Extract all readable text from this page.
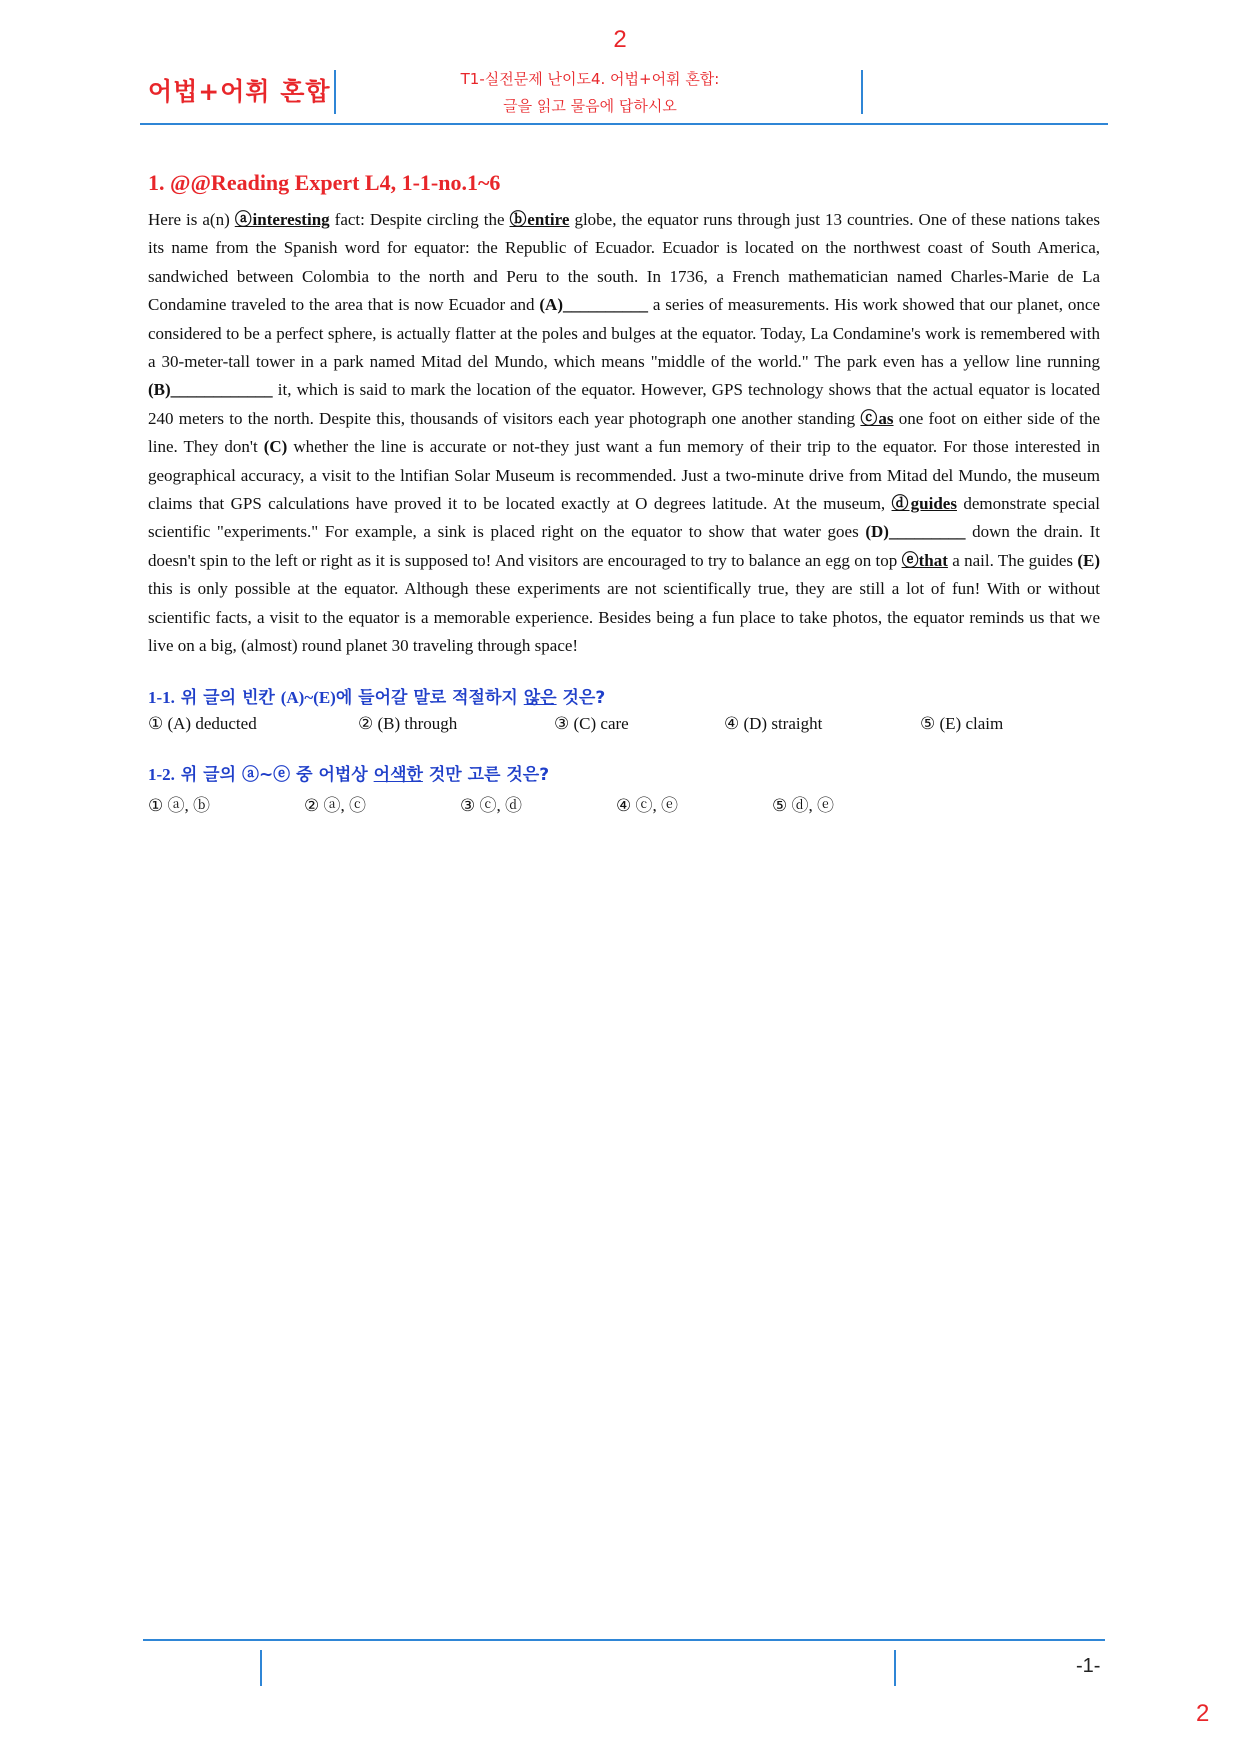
2
어법+어휘 혼합	T1-실전문제 난이도4. 어법+어휘 혼합:
글을 읽고 물음에 답하시오
1. @@Reading Expert L4, 1-1-no.1~6

Here is a(n) ⓐinteresting fact: Despite circling the ⓑentire globe, the equator runs through just 13 countries. One of these nations takes its name from the Spanish word for equator: the Republic of Ecuador. Ecuador is located on the northwest coast of South America, sandwiched between Colombia to the north and Peru to the south. In 1736, a French mathematician named Charles-Marie de La Condamine traveled to the area that is now Ecuador and (A)__________ a series of measurements. His work showed that our planet, once considered to be a perfect sphere, is actually flatter at the poles and bulges at the equator. Today, La Condamine's work is remembered with a 30-meter-tall tower in a park named Mitad del Mundo, which means "middle of the world." The park even has a yellow line running (B)____________ it, which is said to mark the location of the equator. However, GPS technology shows that the actual equator is located 240 meters to the north. Despite this, thousands of visitors each year photograph one another standing ⓒas one foot on either side of the line. They don't (C) whether the line is accurate or not-they just want a fun memory of their trip to the equator. For those interested in geographical accuracy, a visit to the lntifian Solar Museum is recommended. Just a two-minute drive from Mitad del Mundo, the museum claims that GPS calculations have proved it to be located exactly at O degrees latitude. At the museum, ⓓguides demonstrate special scientific "experiments." For example, a sink is placed right on the equator to show that water goes (D)_________ down the drain. It doesn't spin to the left or right as it is supposed to! And visitors are encouraged to try to balance an egg on top ⓔthat a nail. The guides (E) this is only possible at the equator. Although these experiments are not scientifically true, they are still a lot of fun! With or without scientific facts, a visit to the equator is a memorable experience. Besides being a fun place to take photos, the equator reminds us that we live on a big, (almost) round planet 30 traveling through space!

1-1. 위 글의 빈칸 (A)~(E)에 들어갈 말로 적절하지 않은 것은?
① (A) deducted	② (B) through	③ (C) care	④ (D) straight	⑤ (E) claim
1-2. 위 글의 ⓐ~ⓔ 중 어법상 어색한 것만 고른 것은?
① ⓐ, ⓑ	② ⓐ, ⓒ	③ ⓒ, ⓓ	④ ⓒ, ⓔ	⑤ ⓓ, ⓔ
-1-
2
